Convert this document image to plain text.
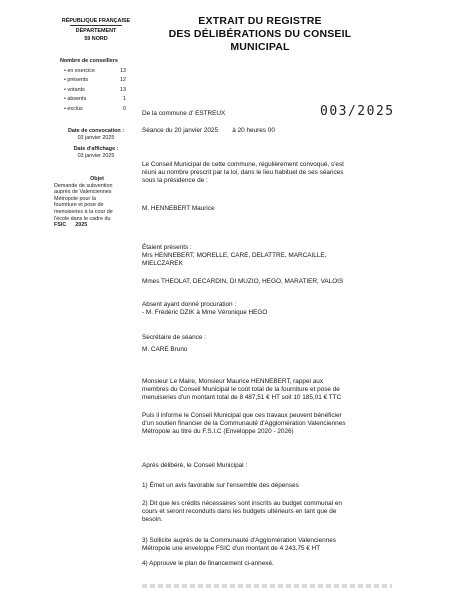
RÉPUBLIQUE FRANÇAISE
DÉPARTEMENT
59 NORD
EXTRAIT DU REGISTRE
DES DÉLIBÉRATIONS DU CONSEIL
MUNICIPAL
Nombre de conseillers
• en exercice	13
• présents	12
• votants	13
• absents	1
• exclus	0
Date de convocation :
03 janvier 2025
Date d'affichage :
03 janvier 2025
Objet
Demande de subvention
auprès de Valenciennes
Métropole pour la
fourniture et pose de
menuiseries à la cour de
l'école dans le cadre du
FSIC      2025
De la commune d' ESTREUX	003/2025
Séance du 20 janvier 2025        à 20 heures 00
Le Conseil Municipal de cette commune, régulièrement convoqué, s'est
réuni au nombre prescrit par la loi, dans le lieu habituel de ses séances
sous la présidence de :
M. HENNEBERT Maurice
Étaient présents :
Mrs HENNEBERT, MORELLE, CARE, DELATTRE, MARCAILLE,
MIELCZAREK
Mmes THEOLAT, DECARDIN, DI MUZIO, HEGO, MARATIER, VALOIS
Absent ayant donné procuration :
- M. Frédéric DZIK à Mme Véronique HEGO
Secrétaire de séance :
M. CARE Bruno
Monsieur Le Maire, Monsieur Maurice HENNEBERT, rappel aux
membres du Conseil Municipal le coût total de la fourniture et pose de
menuiseries d'un montant total de 8 487,51 € HT soit 10 185,01 € TTC
Puis il informe le Conseil Municipal que ces travaux peuvent bénéficier
d'un soutien financier de la Communauté d'Agglomération Valenciennes
Métropole au titre du F.S.I.C (Enveloppe 2020 - 2026)
Après délibéré, le Conseil Municipal :
1) Émet un avis favorable sur l'ensemble des dépenses
2) Dit que les crédits nécessaires sont inscrits au budget communal en
cours et seront reconduits dans les budgets ultérieurs en tant que de
besoin.
3) Sollicite auprès de la Communauté d'Agglomération Valenciennes
Métropole une enveloppe FSIC d'un montant de 4 243,75 € HT
4) Approuve le plan de financement ci-annexé.
